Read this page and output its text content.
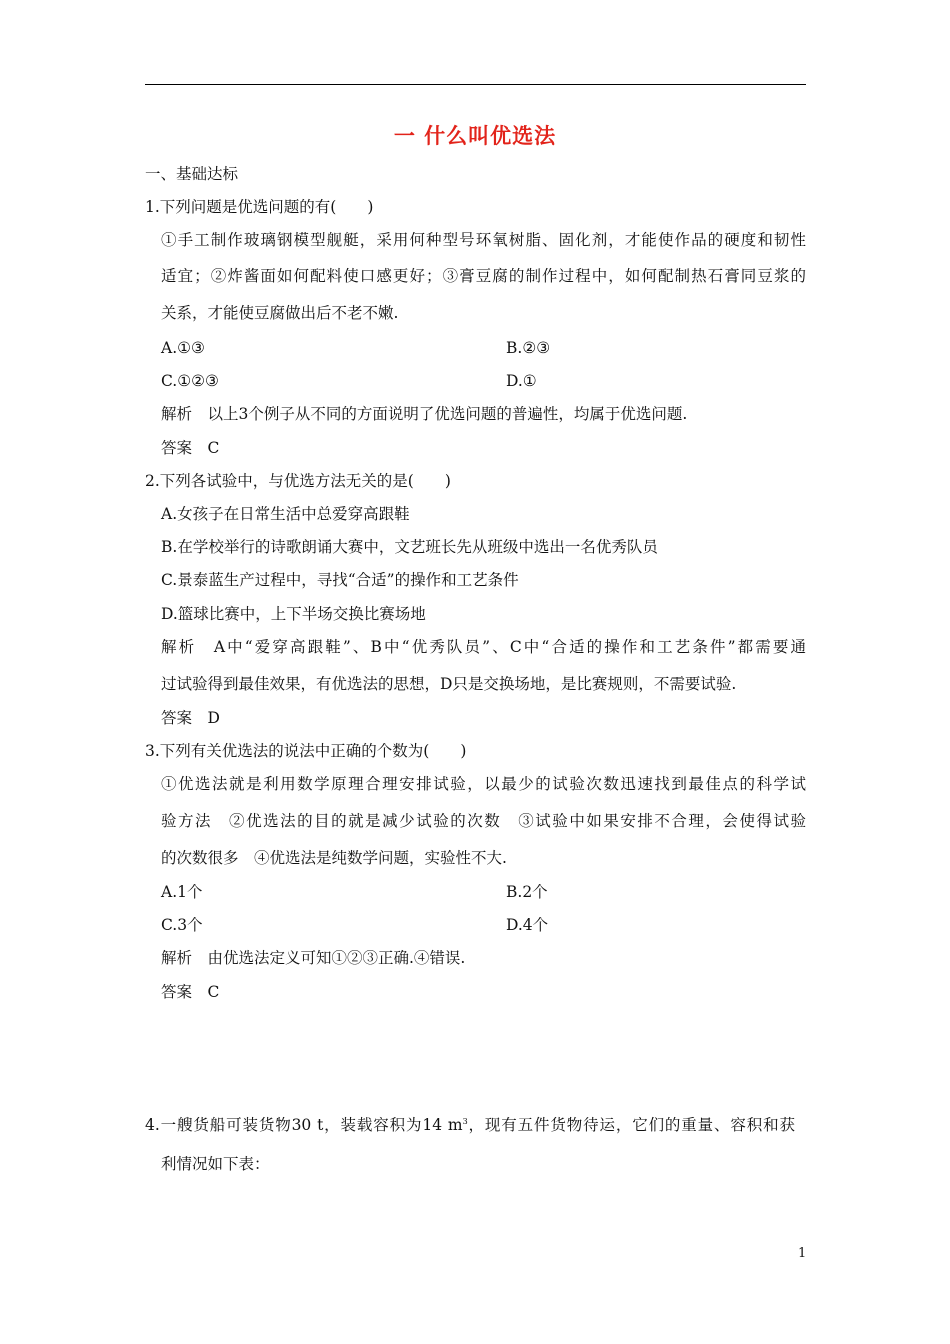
一 什么叫优选法
一、基础达标
1.下列问题是优选问题的有(　　)
①手工制作玻璃钢模型舰艇，采用何种型号环氧树脂、固化剂，才能使作品的硬度和韧性
适宜；②炸酱面如何配料使口感更好；③膏豆腐的制作过程中，如何配制热石膏同豆浆的
关系，才能使豆腐做出后不老不嫩.
A.①③	B.②③
C.①②③	D.①
解析　以上3个例子从不同的方面说明了优选问题的普遍性，均属于优选问题.
答案　C
2.下列各试验中，与优选方法无关的是(　　)
A.女孩子在日常生活中总爱穿高跟鞋
B.在学校举行的诗歌朗诵大赛中，文艺班长先从班级中选出一名优秀队员
C.景泰蓝生产过程中，寻找“合适”的操作和工艺条件
D.篮球比赛中，上下半场交换比赛场地
解析　A中“爱穿高跟鞋”、B中“优秀队员”、C中“合适的操作和工艺条件”都需要通
过试验得到最佳效果，有优选法的思想，D只是交换场地，是比赛规则，不需要试验.
答案　D
3.下列有关优选法的说法中正确的个数为(　　)
①优选法就是利用数学原理合理安排试验，以最少的试验次数迅速找到最佳点的科学试
验方法　②优选法的目的就是减少试验的次数　③试验中如果安排不合理，会使得试验
的次数很多　④优选法是纯数学问题，实验性不大.
A.1个	B.2个
C.3个	D.4个
解析　由优选法定义可知①②③正确.④错误.
答案　C
4.一艘货船可装货物30 t，装载容积为14 $m^3$，现有五件货物待运，它们的重量、容积和获
利情况如下表：
1
